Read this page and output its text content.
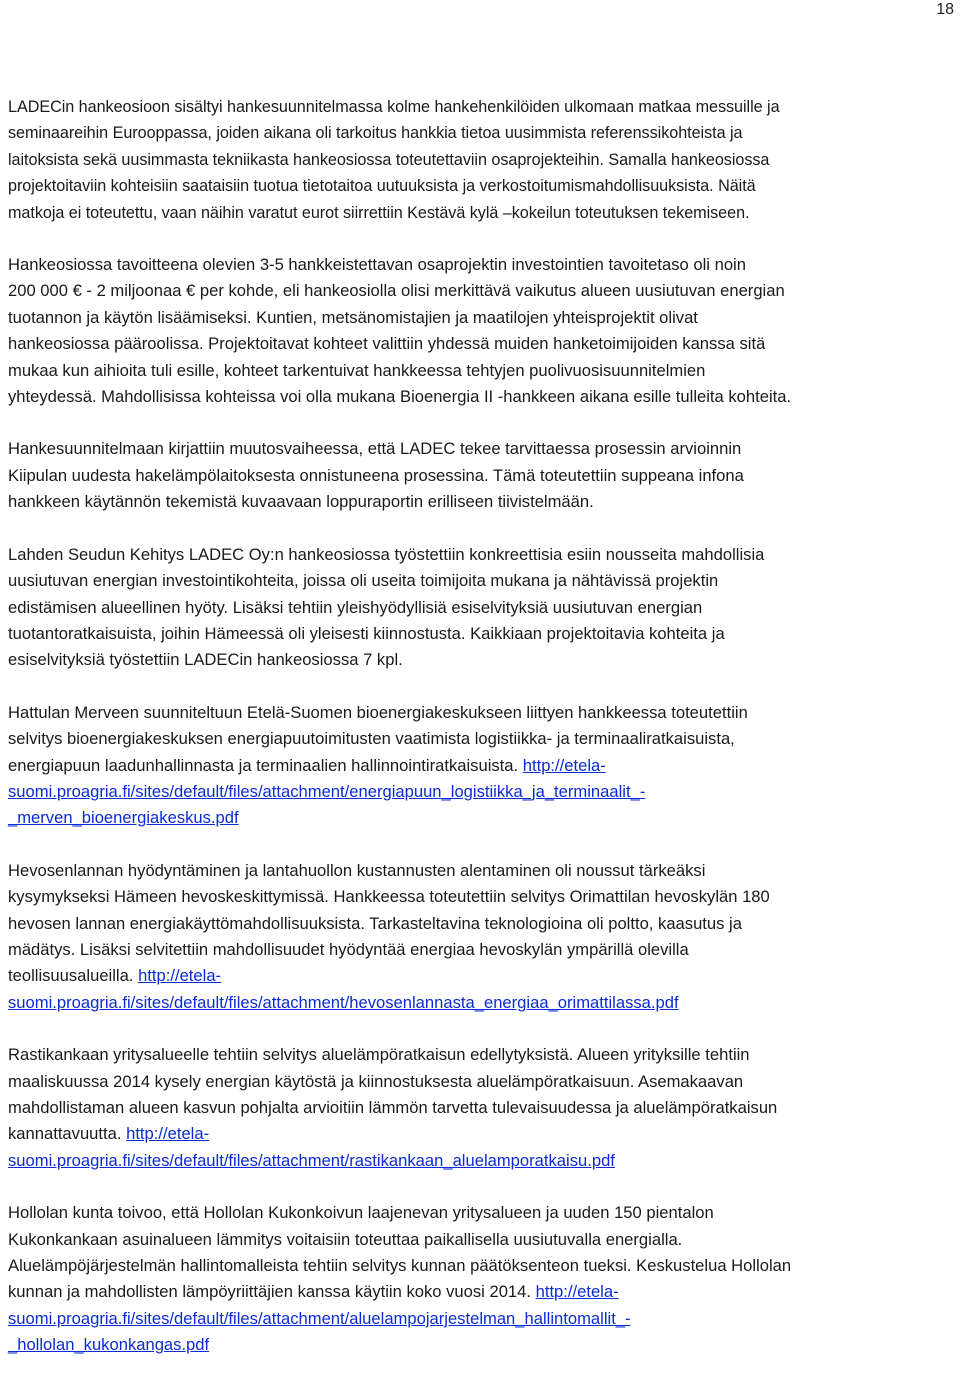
18

LADECin hankeosioon sisältyi hankesuunnitelmassa kolme hankehenkilöiden ulkomaan matkaa messuille ja
seminaareihin Eurooppassa, joiden aikana oli tarkoitus hankkia tietoa uusimmista referenssikohteista ja
laitoksista sekä uusimmasta tekniikasta hankeosiossa toteutettaviin osaprojekteihin. Samalla hankeosiossa
projektoitaviin kohteisiin saataisiin tuotua tietotaitoa uutuuksista ja verkostoitumismahdollisuuksista. Näitä
matkoja ei toteutettu, vaan näihin varatut eurot siirrettiin Kestävä kylä –kokeilun toteutuksen tekemiseen.

Hankeosiossa tavoitteena olevien 3-5 hankkeistettavan osaprojektin investointien tavoitetaso oli noin
200 000 € - 2 miljoonaa € per kohde, eli hankeosiolla olisi merkittävä vaikutus alueen uusiutuvan energian
tuotannon ja käytön lisäämiseksi. Kuntien, metsänomistajien ja maatilojen yhteisprojektit olivat
hankeosiossa pääroolissa. Projektoitavat kohteet valittiin yhdessä muiden hanketoimijoiden kanssa sitä
mukaa kun aihioita tuli esille, kohteet tarkentuivat hankkeessa tehtyjen puolivuosisuunnitelmien
yhteydessä. Mahdollisissa kohteissa voi olla mukana Bioenergia II -hankkeen aikana esille tulleita kohteita.

Hankesuunnitelmaan kirjattiin muutosvaiheessa, että LADEC tekee tarvittaessa prosessin arvioinnin
Kiipulan uudesta hakelämpölaitoksesta onnistuneena prosessina. Tämä toteutettiin suppeana infona
hankkeen käytännön tekemistä kuvaavaan loppuraportin erilliseen tiivistelmään.

Lahden Seudun Kehitys LADEC Oy:n hankeosiossa työstettiin konkreettisia esiin nousseita mahdollisia
uusiutuvan energian investointikohteita, joissa oli useita toimijoita mukana ja nähtävissä projektin
edistämisen alueellinen hyöty. Lisäksi tehtiin yleishyödyllisiä esiselvityksiä uusiutuvan energian
tuotantoratkaisuista, joihin Hämeessä oli yleisesti kiinnostusta. Kaikkiaan projektoitavia kohteita ja
esiselvityksiä työstettiin LADECin hankeosiossa 7 kpl.

Hattulan Merveen suunniteltuun Etelä-Suomen bioenergiakeskukseen liittyen hankkeessa toteutettiin
selvitys bioenergiakeskuksen energiapuutoimitusten vaatimista logistiikka- ja terminaaliratkaisuista,
energiapuun laadunhallinnasta ja terminaalien hallinnointiratkaisuista. http://etela-
suomi.proagria.fi/sites/default/files/attachment/energiapuun_logistiikka_ja_terminaalit_-
_merven_bioenergiakeskus.pdf

Hevosenlannan hyödyntäminen ja lantahuollon kustannusten alentaminen oli noussut tärkeäksi
kysymykseksi Hämeen hevoskeskittymissä. Hankkeessa toteutettiin selvitys Orimattilan hevoskylän 180
hevosen lannan energiakäyttömahdollisuuksista. Tarkasteltavina teknologioina oli poltto, kaasutus ja
mädätys. Lisäksi selvitettiin mahdollisuudet hyödyntää energiaa hevoskylän ympärillä olevilla
teollisuusalueilla. http://etela-
suomi.proagria.fi/sites/default/files/attachment/hevosenlannasta_energiaa_orimattilassa.pdf

Rastikankaan yritysalueelle tehtiin selvitys aluelämpöratkaisun edellytyksistä. Alueen yrityksille tehtiin
maaliskuussa 2014 kysely energian käytöstä ja kiinnostuksesta aluelämpöratkaisuun. Asemakaavan
mahdollistaman alueen kasvun pohjalta arvioitiin lämmön tarvetta tulevaisuudessa ja aluelämpöratkaisun
kannattavuutta. http://etela-
suomi.proagria.fi/sites/default/files/attachment/rastikankaan_aluelamporatkaisu.pdf

Hollolan kunta toivoo, että Hollolan Kukonkoivun laajenevan yritysalueen ja uuden 150 pientalon
Kukonkankaan asuinalueen lämmitys voitaisiin toteuttaa paikallisella uusiutuvalla energialla.
Aluelämpöjärjestelmän hallintomalleista tehtiin selvitys kunnan päätöksenteon tueksi. Keskustelua Hollolan
kunnan ja mahdollisten lämpöyriittäjien kanssa käytiin koko vuosi 2014. http://etela-
suomi.proagria.fi/sites/default/files/attachment/aluelampojarjestelman_hallintomallit_-
_hollolan_kukonkangas.pdf
